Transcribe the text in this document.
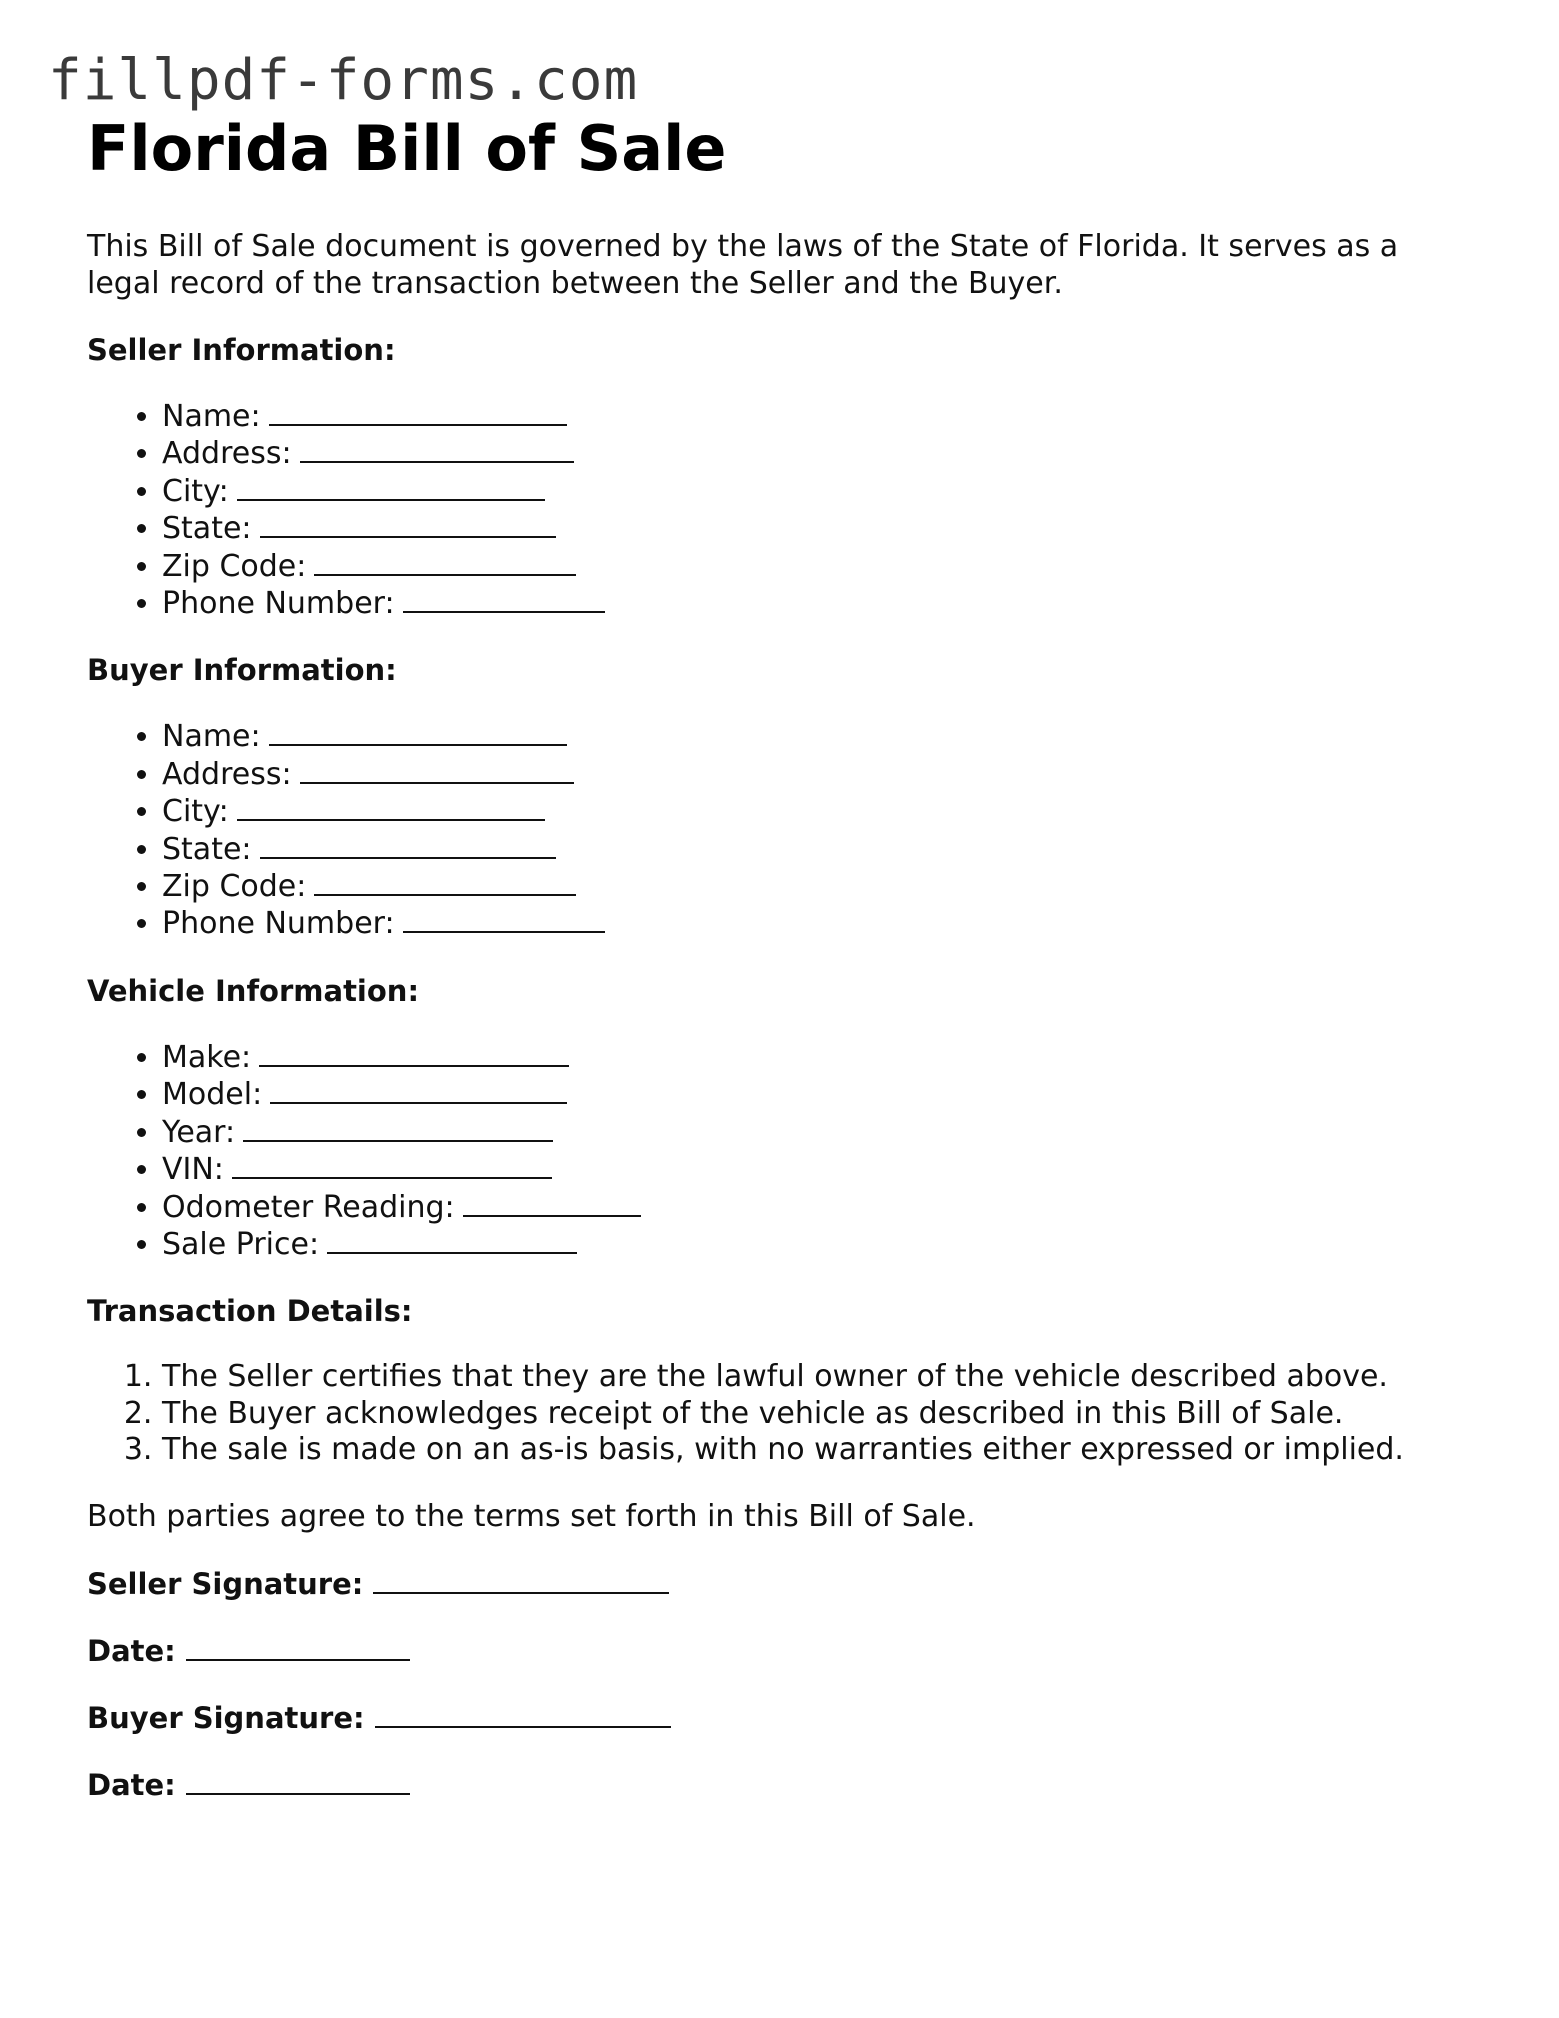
fillpdf-forms.com
Florida Bill of Sale

This Bill of Sale document is governed by the laws of the State of Florida. It serves as a legal record of the transaction between the Seller and the Buyer.

Seller Information:
• Name:
• Address:
• City:
• State:
• Zip Code:
• Phone Number:
Buyer Information:
• Name:
• Address:
• City:
• State:
• Zip Code:
• Phone Number:
Vehicle Information:
• Make:
• Model:
• Year:
• VIN:
• Odometer Reading:
• Sale Price:
Transaction Details:
1. The Seller certifies that they are the lawful owner of the vehicle described above.
2. The Buyer acknowledges receipt of the vehicle as described in this Bill of Sale.
3. The sale is made on an as-is basis, with no warranties either expressed or implied.

Both parties agree to the terms set forth in this Bill of Sale.

Seller Signature:
Date:
Buyer Signature:
Date:
